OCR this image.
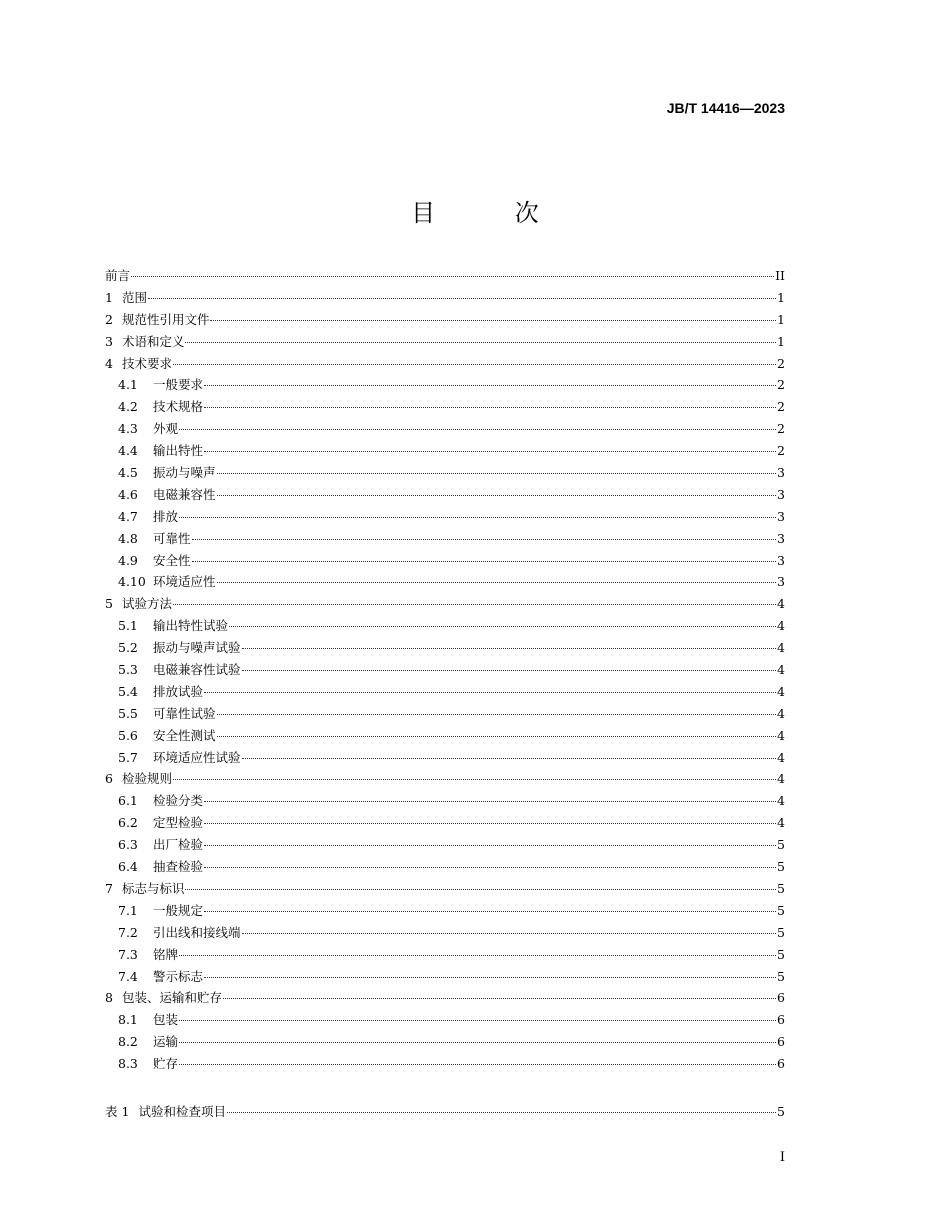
JB/T 14416—2023
目 次
前言	II
1 范围	1
2 规范性引用文件	1
3 术语和定义	1
4 技术要求	2
4.1	一般要求	2
4.2	技术规格	2
4.3	外观	2
4.4	输出特性	2
4.5	振动与噪声	3
4.6	电磁兼容性	3
4.7	排放	3
4.8	可靠性	3
4.9	安全性	3
4.10 环境适应性	3
5 试验方法	4
5.1	输出特性试验	4
5.2	振动与噪声试验	4
5.3	电磁兼容性试验	4
5.4	排放试验	4
5.5	可靠性试验	4
5.6	安全性测试	4
5.7	环境适应性试验	4
6 检验规则	4
6.1	检验分类	4
6.2	定型检验	4
6.3	出厂检验	5
6.4	抽查检验	5
7 标志与标识	5
7.1	一般规定	5
7.2	引出线和接线端	5
7.3	铭牌	5
7.4	警示标志	5
8 包装、运输和贮存	6
8.1	包装	6
8.2	运输	6
8.3	贮存	6
表 1 试验和检查项目	5
I
